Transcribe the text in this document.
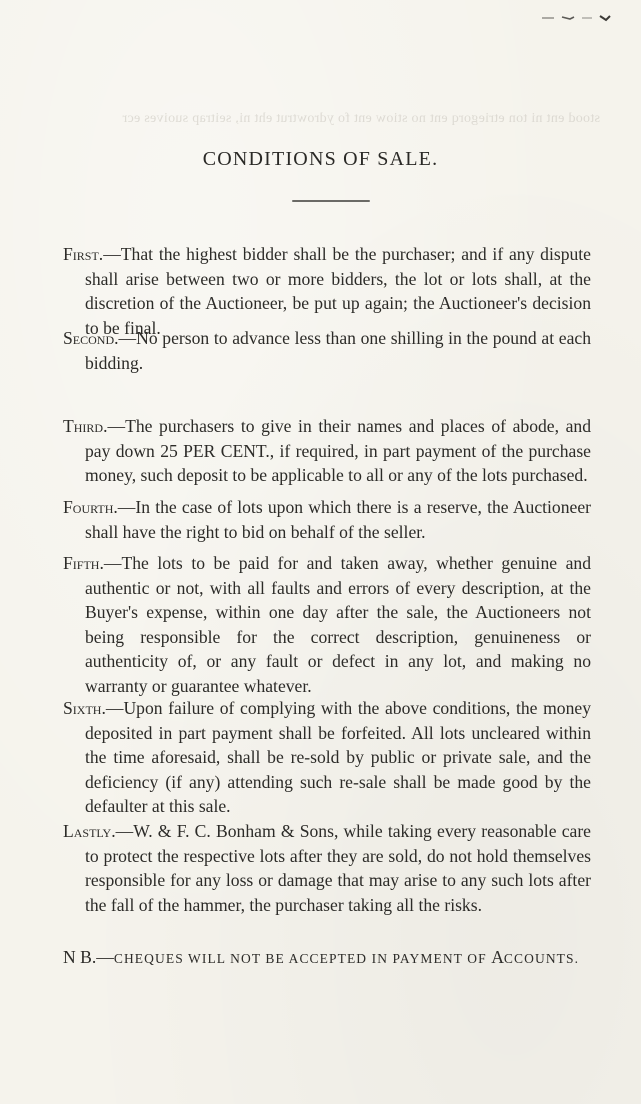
stood ent ni ton etriegorq ent no stiow ent fo ydrowtrut eht ni, seitrap suoives ecr
CONDITIONS OF SALE.
First.—That the highest bidder shall be the purchaser; and if any dispute shall arise between two or more bidders, the lot or lots shall, at the discretion of the Auctioneer, be put up again; the Auctioneer's decision to be final.
Second.—No person to advance less than one shilling in the pound at each bidding.
Third.—The purchasers to give in their names and places of abode, and pay down 25 PER CENT., if required, in part payment of the purchase money, such deposit to be applicable to all or any of the lots purchased.
Fourth.—In the case of lots upon which there is a reserve, the Auctioneer shall have the right to bid on behalf of the seller.
Fifth.—The lots to be paid for and taken away, whether genuine and authentic or not, with all faults and errors of every description, at the Buyer's expense, within one day after the sale, the Auctioneers not being responsible for the correct description, genuineness or authenticity of, or any fault or defect in any lot, and making no warranty or guarantee whatever.
Sixth.—Upon failure of complying with the above conditions, the money deposited in part payment shall be forfeited. All lots uncleared within the time aforesaid, shall be re-sold by public or private sale, and the deficiency (if any) attending such re-sale shall be made good by the defaulter at this sale.
Lastly.—W. & F. C. Bonham & Sons, while taking every reasonable care to protect the respective lots after they are sold, do not hold themselves responsible for any loss or damage that may arise to any such lots after the fall of the hammer, the purchaser taking all the risks.
N B.—CHEQUES WILL NOT BE ACCEPTED IN PAYMENT OF ACCOUNTS.
